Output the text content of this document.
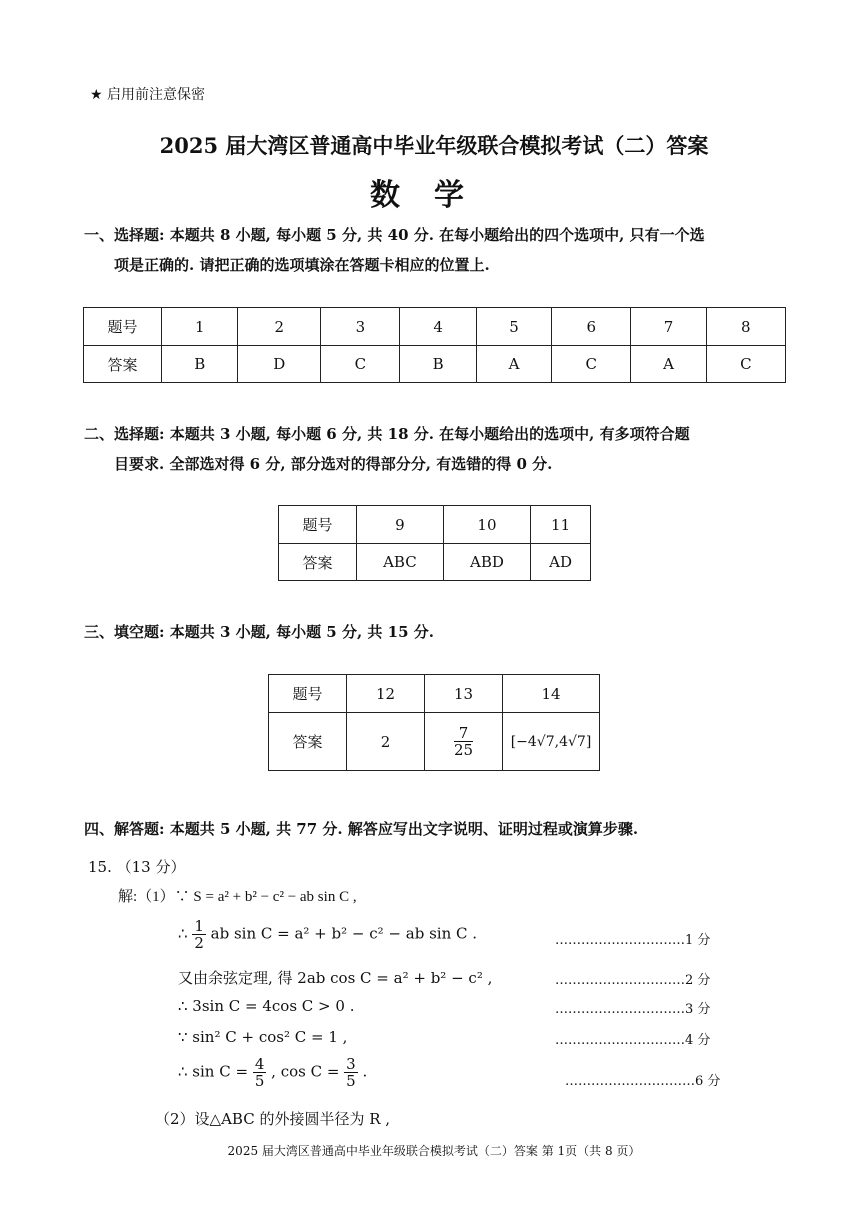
★ 启用前注意保密
2025 届大湾区普通高中毕业年级联合模拟考试（二）答案
数学
一、选择题: 本题共 8 小题, 每小题 5 分, 共 40 分. 在每小题给出的四个选项中, 只有一个选
项是正确的. 请把正确的选项填涂在答题卡相应的位置上.
题号	1	2	3	4	5	6	7	8
答案	B	D	C	B	A	C	A	C
二、选择题: 本题共 3 小题, 每小题 6 分, 共 18 分. 在每小题给出的选项中, 有多项符合题
目要求. 全部选对得 6 分, 部分选对的得部分分, 有选错的得 0 分.
题号	9	10	11
答案	ABC	ABD	AD
三、填空题: 本题共 3 小题, 每小题 5 分, 共 15 分.
题号	12	13	14
答案	2	$\frac{7}{25}$	[−4√7,4√7]
四、解答题: 本题共 5 小题, 共 77 分. 解答应写出文字说明、证明过程或演算步骤.
15. （13 分）
解:（1）∵ S = a² + b² − c² − ab sin C ,
∴ $\frac{1}{2}$ ab sin C = a² + b² − c² − ab sin C .	…………………………1 分
又由余弦定理, 得 2ab cos C = a² + b² − c² ,	…………………………2 分
∴ 3sin C = 4cos C > 0 .	…………………………3 分
∵ sin² C + cos² C = 1 ,	…………………………4 分
∴ $\sin C = \frac{4}{5}$ , $\cos C = \frac{3}{5}$ .
…………………………6 分
（2）设△ABC 的外接圆半径为 R ,
2025 届大湾区普通高中毕业年级联合模拟考试（二）答案 第 1页（共 8 页）
